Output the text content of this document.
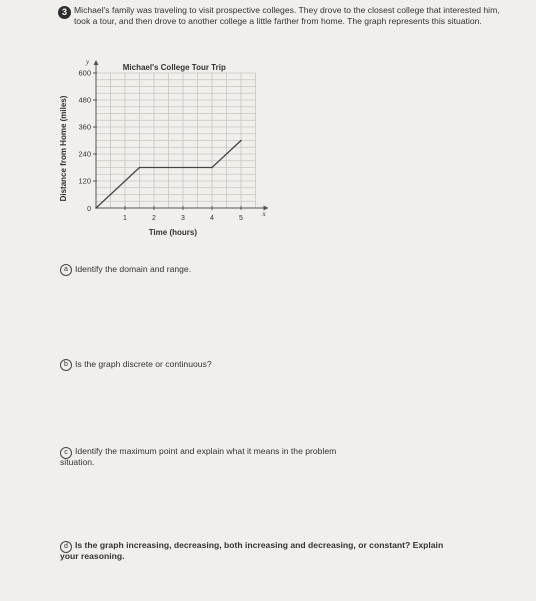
3 Michael's family was traveling to visit prospective colleges. They drove to the closest college that interested him, took a tour, and then drove to another college a little farther from home. The graph represents this situation.
1	2	3	4	5
120
240
360
480
600
0
x
y
Michael's College Tour Trip
Time (hours)
Distance from Home (miles)
a Identify the domain and range.
b Is the graph discrete or continuous?
c Identify the maximum point and explain what it means in the problem situation.
d Is the graph increasing, decreasing, both increasing and decreasing, or constant? Explain your reasoning.
